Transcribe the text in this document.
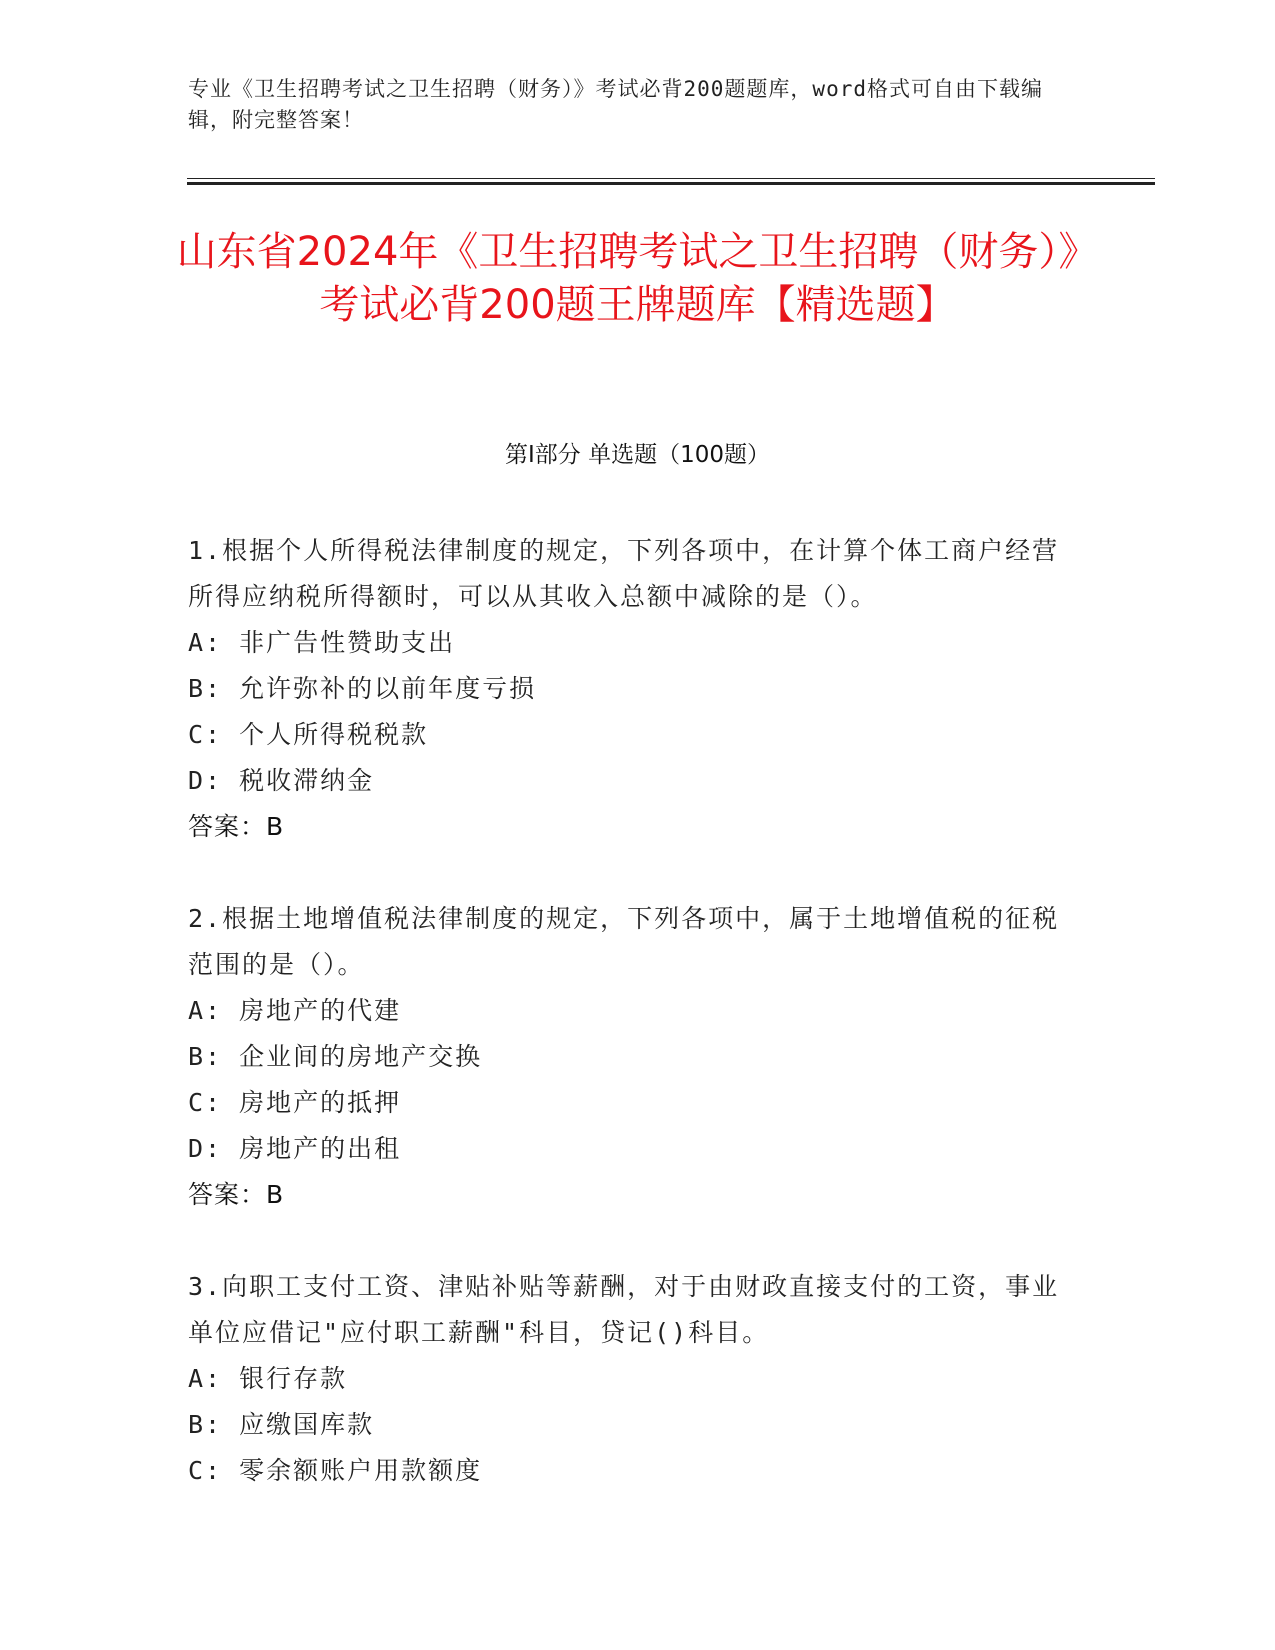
专业《卫生招聘考试之卫生招聘（财务）》考试必背200题题库，word格式可自由下载编辑，附完整答案！
山东省2024年《卫生招聘考试之卫生招聘（财务）》考试必背200题王牌题库【精选题】
第Ⅰ部分 单选题（100题）
1.根据个人所得税法律制度的规定，下列各项中，在计算个体工商户经营所得应纳税所得额时，可以从其收入总额中减除的是（）。
A: 非广告性赞助支出
B: 允许弥补的以前年度亏损
C: 个人所得税税款
D: 税收滞纳金
答案：B
2.根据土地增值税法律制度的规定，下列各项中，属于土地增值税的征税范围的是（）。
A: 房地产的代建
B: 企业间的房地产交换
C: 房地产的抵押
D: 房地产的出租
答案：B
3.向职工支付工资、津贴补贴等薪酬，对于由财政直接支付的工资，事业单位应借记"应付职工薪酬"科目，贷记()科目。
A: 银行存款
B: 应缴国库款
C: 零余额账户用款额度
